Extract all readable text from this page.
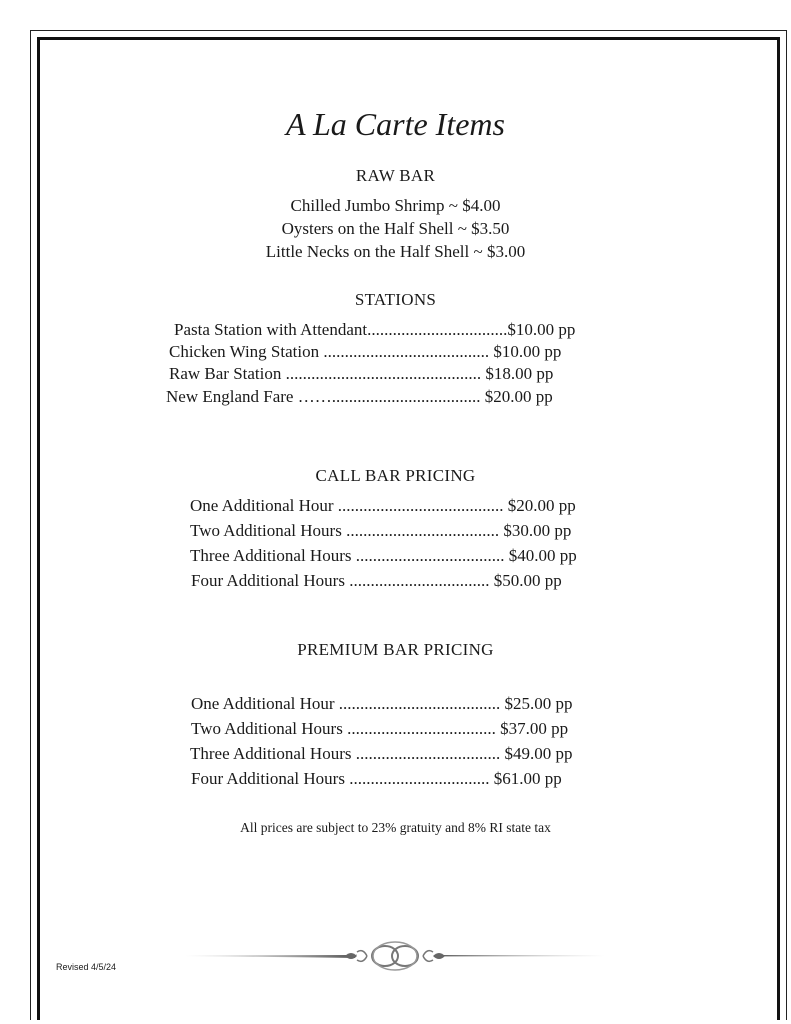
A La Carte Items
RAW BAR
Chilled Jumbo Shrimp ~ $4.00
Oysters on the Half Shell ~ $3.50
Little Necks on the Half Shell ~ $3.00
STATIONS
Pasta Station with Attendant.................................$10.00 pp
Chicken Wing Station ....................................... $10.00 pp
Raw Bar Station .............................................. $18.00 pp
New England Fare ……................................... $20.00 pp
CALL BAR PRICING
One Additional Hour ....................................... $20.00 pp
Two Additional Hours .................................... $30.00 pp
Three Additional Hours ................................... $40.00 pp
Four Additional Hours ................................. $50.00 pp
PREMIUM BAR PRICING
One Additional Hour ...................................... $25.00 pp
Two Additional Hours ................................... $37.00 pp
Three Additional Hours .................................. $49.00 pp
Four Additional Hours ................................. $61.00 pp
All prices are subject to 23% gratuity and 8% RI state tax
Revised 4/5/24
